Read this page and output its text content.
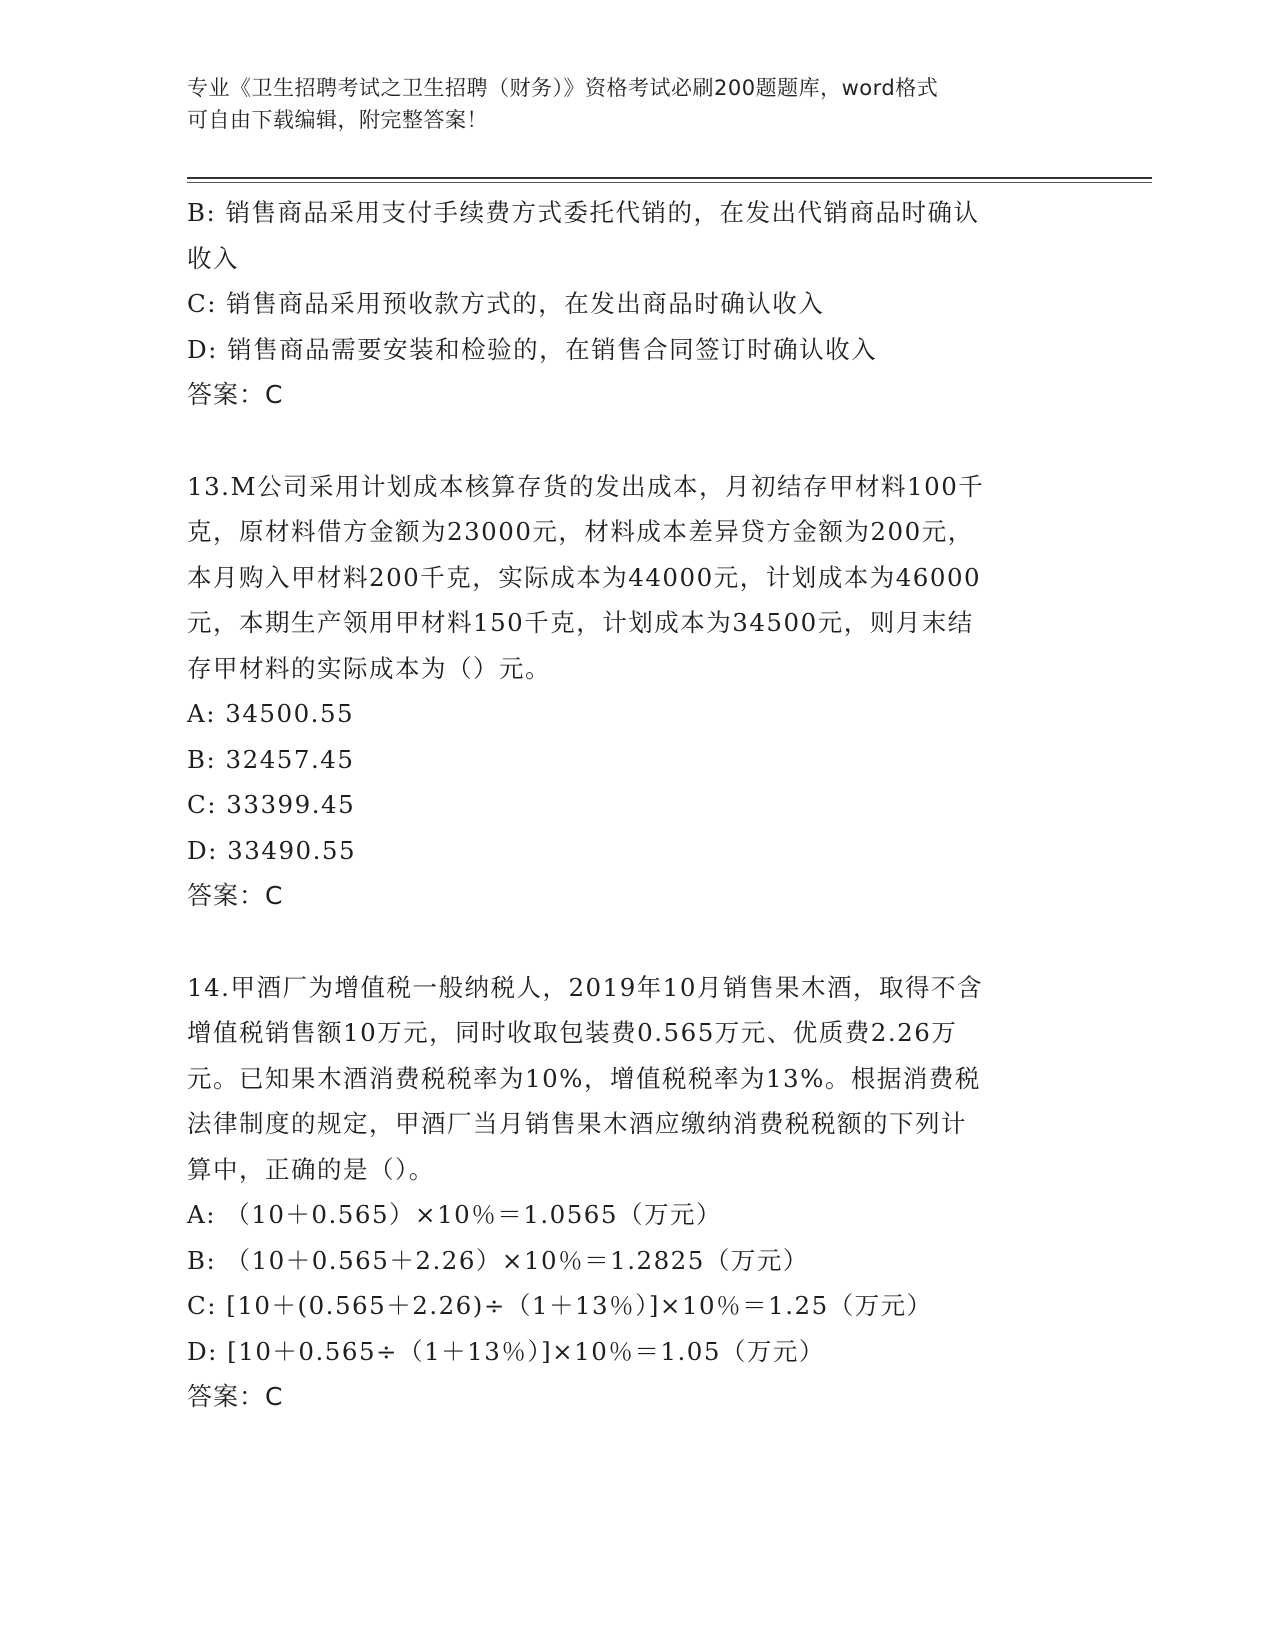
专业《卫生招聘考试之卫生招聘（财务）》资格考试必刷200题题库，word格式
可自由下载编辑，附完整答案！
B: 销售商品采用支付手续费方式委托代销的，在发出代销商品时确认
收入
C: 销售商品采用预收款方式的，在发出商品时确认收入
D: 销售商品需要安装和检验的，在销售合同签订时确认收入
答案：C
13.M公司采用计划成本核算存货的发出成本，月初结存甲材料100千
克，原材料借方金额为23000元，材料成本差异贷方金额为200元，
本月购入甲材料200千克，实际成本为44000元，计划成本为46000
元，本期生产领用甲材料150千克，计划成本为34500元，则月末结
存甲材料的实际成本为（）元。
A: 34500.55
B: 32457.45
C: 33399.45
D: 33490.55
答案：C
14.甲酒厂为增值税一般纳税人，2019年10月销售果木酒，取得不含
增值税销售额10万元，同时收取包装费0.565万元、优质费2.26万
元。已知果木酒消费税税率为10%，增值税税率为13%。根据消费税
法律制度的规定，甲酒厂当月销售果木酒应缴纳消费税税额的下列计
算中，正确的是（）。
A: （10＋0.565）×10％＝1.0565（万元）
B: （10＋0.565＋2.26）×10％＝1.2825（万元）
C: [10＋(0.565＋2.26)÷（1＋13％）]×10％＝1.25（万元）
D: [10＋0.565÷（1＋13％）]×10％＝1.05（万元）
答案：C
